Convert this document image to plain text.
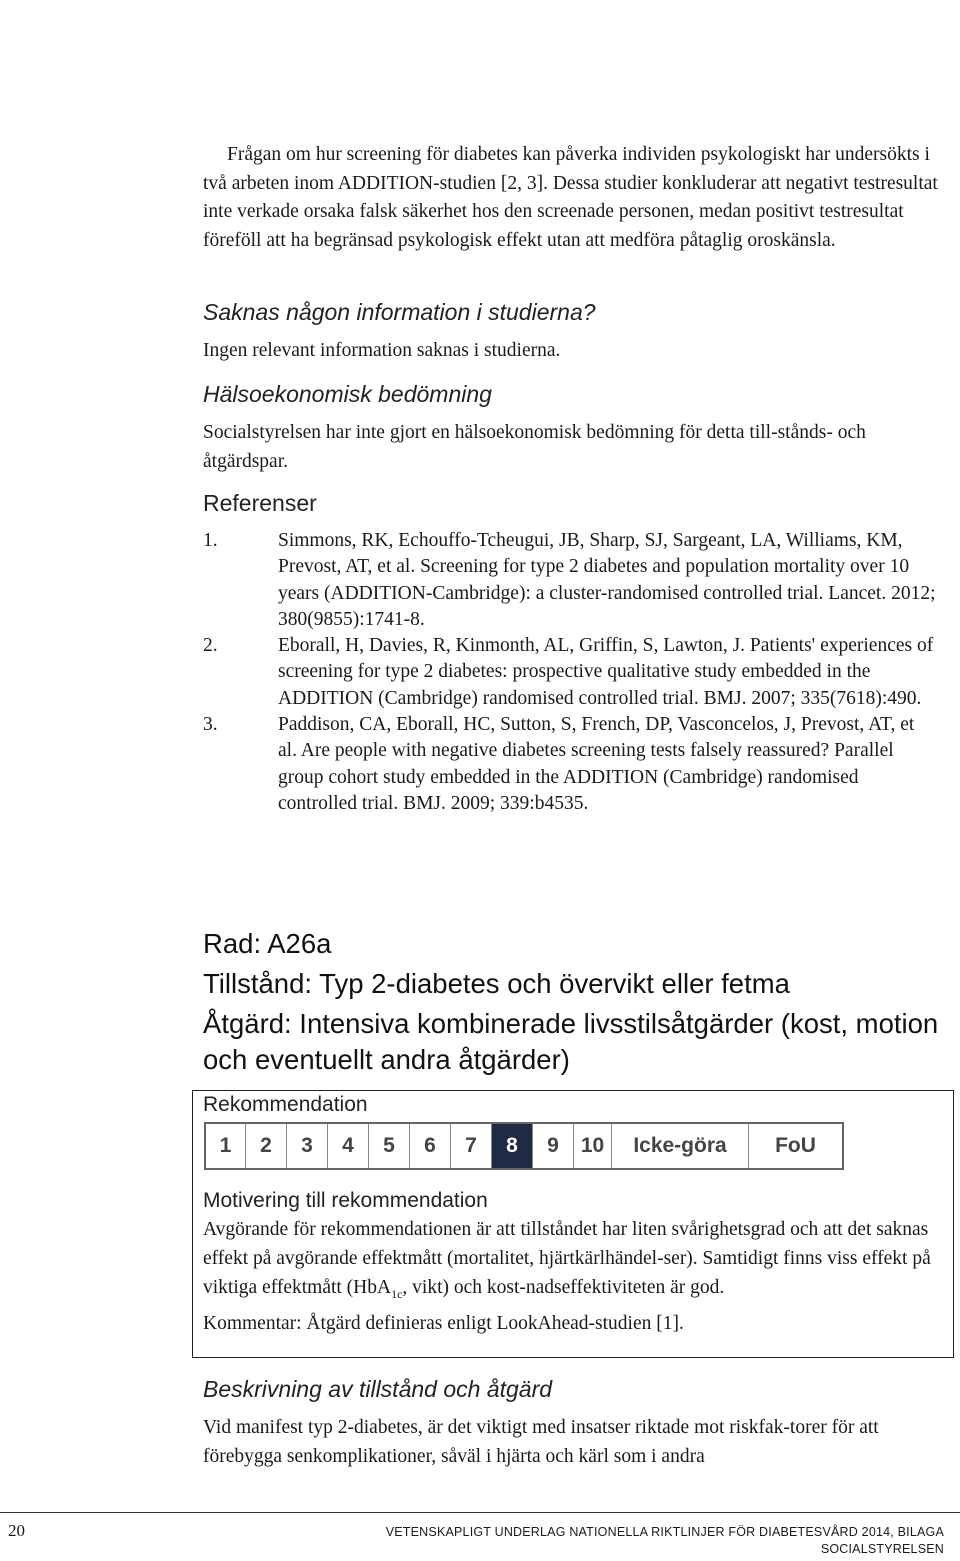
Frågan om hur screening för diabetes kan påverka individen psykologiskt har undersökts i två arbeten inom ADDITION-studien [2, 3]. Dessa studier konkluderar att negativt testresultat inte verkade orsaka falsk säkerhet hos den screenade personen, medan positivt testresultat föreföll att ha begränsad psykologisk effekt utan att medföra påtaglig oroskänsla.

Saknas någon information i studierna?

Ingen relevant information saknas i studierna.

Hälsoekonomisk bedömning

Socialstyrelsen har inte gjort en hälsoekonomisk bedömning för detta till-stånds- och åtgärdspar.

Referenser
1.	Simmons, RK, Echouffo-Tcheugui, JB, Sharp, SJ, Sargeant, LA, Williams, KM, Prevost, AT, et al. Screening for type 2 diabetes and population mortality over 10 years (ADDITION-Cambridge): a cluster-randomised controlled trial. Lancet. 2012; 380(9855):1741-8.
2.	Eborall, H, Davies, R, Kinmonth, AL, Griffin, S, Lawton, J. Patients' experiences of screening for type 2 diabetes: prospective qualitative study embedded in the ADDITION (Cambridge) randomised controlled trial. BMJ. 2007; 335(7618):490.
3.	Paddison, CA, Eborall, HC, Sutton, S, French, DP, Vasconcelos, J, Prevost, AT, et al. Are people with negative diabetes screening tests falsely reassured? Parallel group cohort study embedded in the ADDITION (Cambridge) randomised controlled trial. BMJ. 2009; 339:b4535.
Rad: A26a
Tillstånd: Typ 2-diabetes och övervikt eller fetma
Åtgärd: Intensiva kombinerade livsstilsåtgärder (kost, motion och eventuellt andra åtgärder)
Rekommendation
1	2	3	4	5	6	7	8	9	10	Icke-göra	FoU
Motivering till rekommendation
Avgörande för rekommendationen är att tillståndet har liten svårighetsgrad och att det saknas effekt på avgörande effektmått (mortalitet, hjärtkärlhändel-ser). Samtidigt finns viss effekt på viktiga effektmått (HbA$_{1c}$, vikt) och kost-nadseffektiviteten är god.
Kommentar: Åtgärd definieras enligt LookAhead-studien [1].
Beskrivning av tillstånd och åtgärd

Vid manifest typ 2-diabetes, är det viktigt med insatser riktade mot riskfak-torer för att förebygga senkomplikationer, såväl i hjärta och kärl som i andra

20	VETENSKAPLIGT UNDERLAG NATIONELLA RIKTLINJER FÖR DIABETESVÅRD 2014, BILAGA
SOCIALSTYRELSEN
